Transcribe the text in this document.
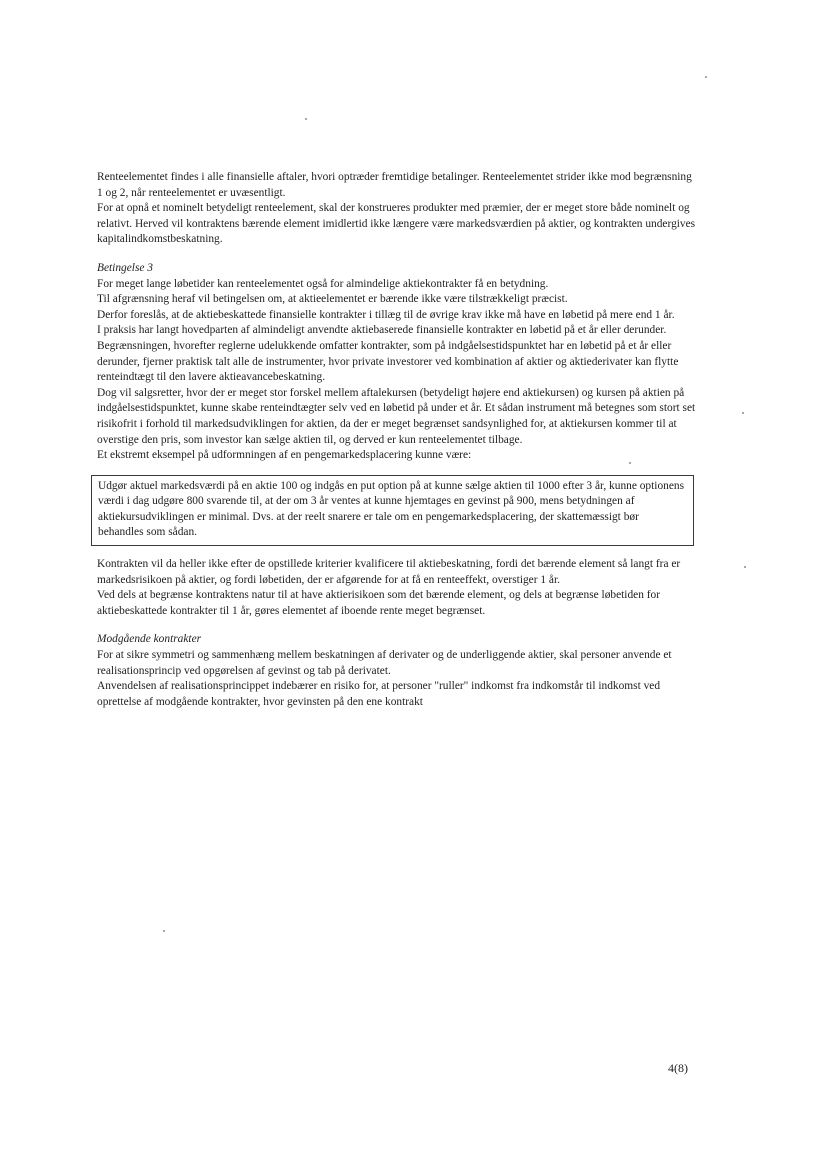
Renteelementet findes i alle finansielle aftaler, hvori optræder fremtidige betalinger. Renteelementet strider ikke mod begrænsning 1 og 2, når renteelementet er uvæsentligt.

For at opnå et nominelt betydeligt renteelement, skal der konstrueres produkter med præmier, der er meget store både nominelt og relativt. Herved vil kontraktens bærende element imidlertid ikke længere være markedsværdien på aktier, og kontrakten undergives kapitalindkomstbeskatning.

Betingelse 3

For meget lange løbetider kan renteelementet også for almindelige aktiekontrakter få en betydning.

Til afgrænsning heraf vil betingelsen om, at aktieelementet er bærende ikke være tilstrækkeligt præcist.

Derfor foreslås, at de aktiebeskattede finansielle kontrakter i tillæg til de øvrige krav ikke må have en løbetid på mere end 1 år.

I praksis har langt hovedparten af almindeligt anvendte aktiebaserede finansielle kontrakter en løbetid på et år eller derunder.

Begrænsningen, hvorefter reglerne udelukkende omfatter kontrakter, som på indgåelsestidspunktet har en løbetid på et år eller derunder, fjerner praktisk talt alle de instrumenter, hvor private investorer ved kombination af aktier og aktiederivater kan flytte renteindtægt til den lavere aktieavancebeskatning.

Dog vil salgsretter, hvor der er meget stor forskel mellem aftalekursen (betydeligt højere end aktiekursen) og kursen på aktien på indgåelsestidspunktet, kunne skabe renteindtægter selv ved en løbetid på under et år. Et sådan instrument må betegnes som stort set risikofrit i forhold til markedsudviklingen for aktien, da der er meget begrænset sandsynlighed for, at aktiekursen kommer til at overstige den pris, som investor kan sælge aktien til, og derved er kun renteelementet tilbage.

Et ekstremt eksempel på udformningen af en pengemarkedsplacering kunne være:

Udgør aktuel markedsværdi på en aktie 100 og indgås en put option på at kunne sælge aktien til 1000 efter 3 år, kunne optionens værdi i dag udgøre 800 svarende til, at der om 3 år ventes at kunne hjemtages en gevinst på 900, mens betydningen af aktiekursudviklingen er minimal. Dvs. at der reelt snarere er tale om en pengemarkedsplacering, der skattemæssigt bør behandles som sådan.

Kontrakten vil da heller ikke efter de opstillede kriterier kvalificere til aktiebeskatning, fordi det bærende element så langt fra er markedsrisikoen på aktier, og fordi løbetiden, der er afgørende for at få en renteeffekt, overstiger 1 år.

Ved dels at begrænse kontraktens natur til at have aktierisikoen som det bærende element, og dels at begrænse løbetiden for aktiebeskattede kontrakter til 1 år, gøres elementet af iboende rente meget begrænset.

Modgående kontrakter

For at sikre symmetri og sammenhæng mellem beskatningen af derivater og de underliggende aktier, skal personer anvende et realisationsprincip ved opgørelsen af gevinst og tab på derivatet.

Anvendelsen af realisationsprincippet indebærer en risiko for, at personer "ruller" indkomst fra indkomstår til indkomst ved oprettelse af modgående kontrakter, hvor gevinsten på den ene kontrakt

4(8)
